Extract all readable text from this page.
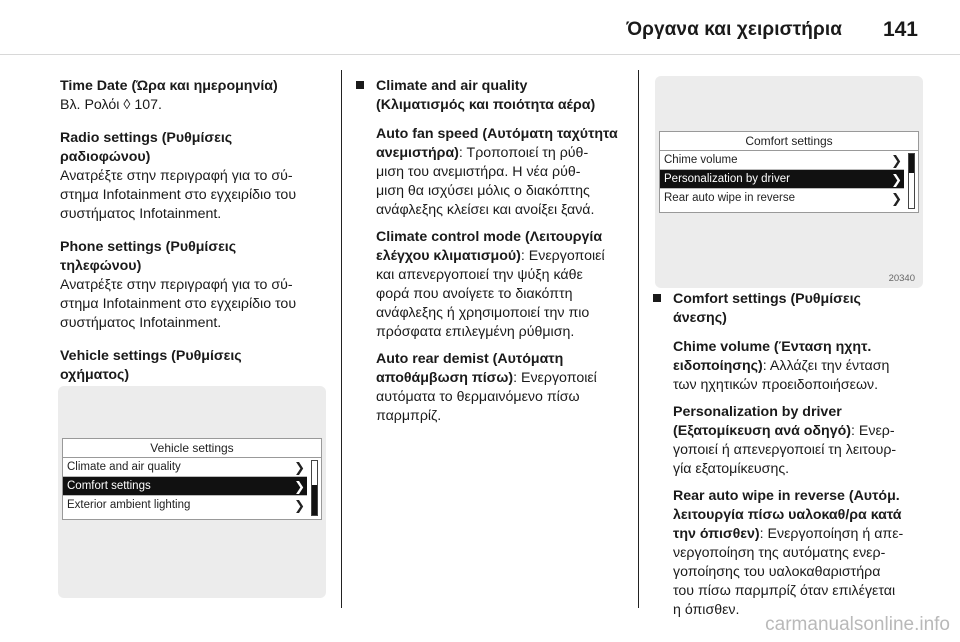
Όργανα και χειριστήρια 141
Time Date (Ώρα και ημερομηνία)
Βλ. Ρολόι ◊ 107.
Radio settings (Ρυθμίσεις
ραδιοφώνου)
Ανατρέξτε στην περιγραφή για το σύ-
στημα Infotainment στο εγχειρίδιο του
συστήματος Infotainment.
Phone settings (Ρυθμίσεις
τηλεφώνου)
Ανατρέξτε στην περιγραφή για το σύ-
στημα Infotainment στο εγχειρίδιο του
συστήματος Infotainment.
Vehicle settings (Ρυθμίσεις
οχήματος)
Vehicle settings
Climate and air quality	❯
Comfort settings	❯
Exterior ambient lighting	❯
Climate and air quality
(Κλιματισμός και ποιότητα αέρα)
Auto fan speed (Αυτόματη ταχύτητα
ανεμιστήρα): Τροποποιεί τη ρύθ-
μιση του ανεμιστήρα. Η νέα ρύθ-
μιση θα ισχύσει μόλις ο διακόπτης
ανάφλεξης κλείσει και ανοίξει ξανά.
Climate control mode (Λειτουργία
ελέγχου κλιματισμού): Ενεργοποιεί
και απενεργοποιεί την ψύξη κάθε
φορά που ανοίγετε το διακόπτη
ανάφλεξης ή χρησιμοποιεί την πιο
πρόσφατα επιλεγμένη ρύθμιση.
Auto rear demist (Αυτόματη
αποθάμβωση πίσω): Ενεργοποιεί
αυτόματα το θερμαινόμενο πίσω
παρμπρίζ.
Comfort settings
Chime volume	❯
Personalization by driver	❯
Rear auto wipe in reverse	❯
20340
Comfort settings (Ρυθμίσεις
άνεσης)
Chime volume (Ένταση ηχητ.
ειδοποίησης): Αλλάζει την ένταση
των ηχητικών προειδοποιήσεων.
Personalization by driver
(Εξατομίκευση ανά οδηγό): Ενερ-
γοποιεί ή απενεργοποιεί τη λειτουρ-
γία εξατομίκευσης.
Rear auto wipe in reverse (Αυτόμ.
λειτουργία πίσω υαλοκαθ/ρα κατά
την όπισθεν): Ενεργοποίηση ή απε-
νεργοποίηση της αυτόματης ενερ-
γοποίησης του υαλοκαθαριστήρα
του πίσω παρμπρίζ όταν επιλέγεται
η όπισθεν.
carmanualsonline.info
